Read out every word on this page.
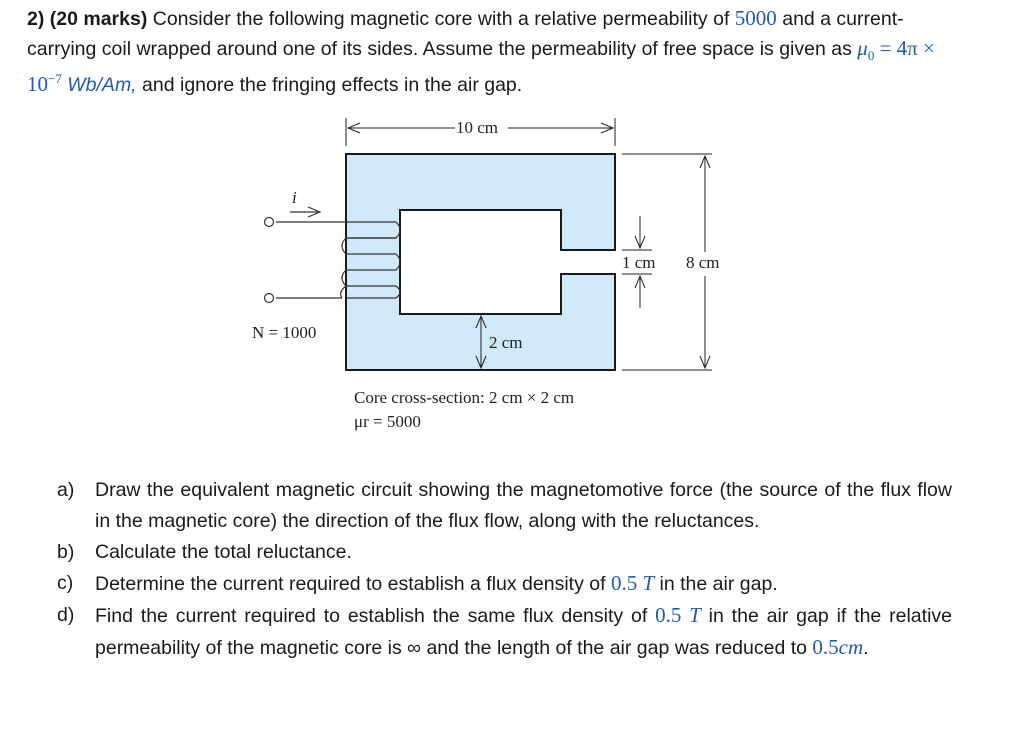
2) (20 marks) Consider the following magnetic core with a relative permeability of 5000 and a current-carrying coil wrapped around one of its sides. Assume the permeability of free space is given as $\mu_0 = 4\pi \times 10^{-7}$ Wb/Am, and ignore the fringing effects in the air gap.
10 cm
8 cm
1 cm
2 cm
i
N = 1000
Core cross-section: 2 cm × 2 cm
μr = 5000
a)	Draw the equivalent magnetic circuit showing the magnetomotive force (the source of the flux flow in the magnetic core) the direction of the flux flow, along with the reluctances.
b)	Calculate the total reluctance.
c)	Determine the current required to establish a flux density of 0.5 T in the air gap.
d)	Find the current required to establish the same flux density of 0.5 T in the air gap if the relative permeability of the magnetic core is ∞ and the length of the air gap was reduced to 0.5cm.
